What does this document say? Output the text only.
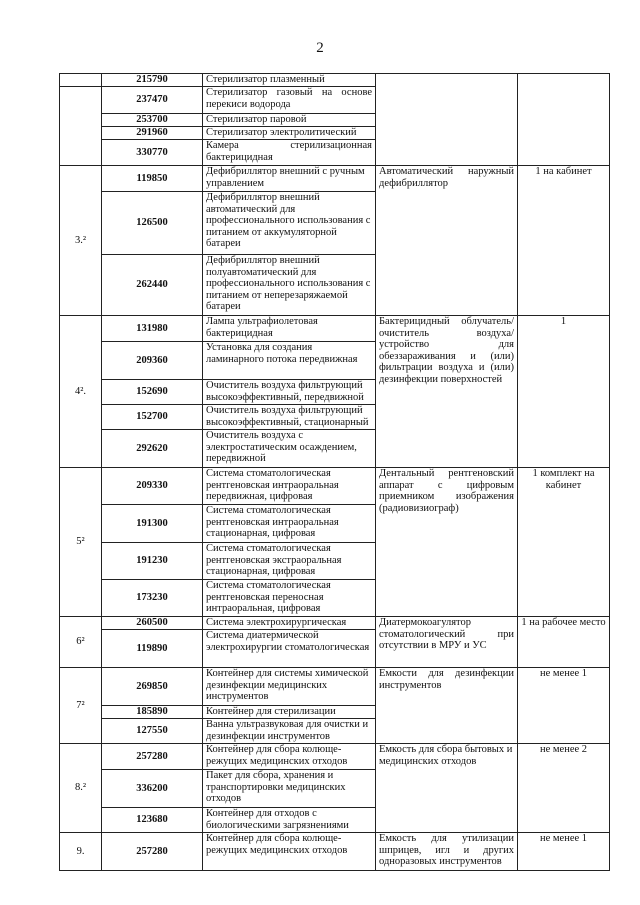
2
	215790	Стерилизатор плазменный		
	237470	Стерилизатор газовый на основе перекиси водорода		
	253700	Стерилизатор паровой		
	291960	Стерилизатор электролитический		
	330770	Камера стерилизационная бактерицидная		

3.²	119850	Дефибриллятор внешний с ручным управлением	Автоматический наружный дефибриллятор	1 на кабинет
	126500	Дефибриллятор внешний автоматический для профессионального использования с питанием от аккумуляторной батареи		
	262440	Дефибриллятор внешний полуавтоматический для профессионального использования с питанием от неперезаряжаемой батареи		
4².	131980	Лампа ультрафиолетовая бактерицидная	Бактерицидный облучатель/очиститель воздуха/устройство для обеззараживания и (или) фильтрации воздуха и (или) дезинфекции поверхностей	1
	209360	Установка для создания ламинарного потока передвижная		
	152690	Очиститель воздуха фильтрующий высокоэффективный, передвижной		
	152700	Очиститель воздуха фильтрующий высокоэффективный, стационарный		
	292620	Очиститель воздуха с электростатическим осаждением, передвижной		
5²	209330	Система стоматологическая рентгеновская интраоральная передвижная, цифровая	Дентальный рентгеновский аппарат с цифровым приемником изображения (радиовизиограф)	1 комплект на кабинет
	191300	Система стоматологическая рентгеновская интраоральная стационарная, цифровая		
	191230	Система стоматологическая рентгеновская экстраоральная стационарная, цифровая		
	173230	Система стоматологическая рентгеновская переносная интраоральная, цифровая		
6²	260500	Система электрохирургическая	Диатермокоагулятор стоматологический при отсутствии в МРУ и УС	1 на рабочее место
	119890	Система диатермической электрохирургии стоматологическая		
7²	269850	Контейнер для системы химической дезинфекции медицинских инструментов	Емкости для дезинфекции инструментов	не менее 1
	185890	Контейнер для стерилизации		
	127550	Ванна ультразвуковая для очистки и дезинфекции инструментов		
8.²	257280	Контейнер для сбора колюще-режущих медицинских отходов	Емкость для сбора бытовых и медицинских отходов	не менее 2
	336200	Пакет для сбора, хранения и транспортировки медицинских отходов		
	123680	Контейнер для отходов с биологическими загрязнениями		
9.	257280	Контейнер для сбора колюще-режущих медицинских отходов	Емкость для утилизации шприцев, игл и других одноразовых инструментов	не менее 1
